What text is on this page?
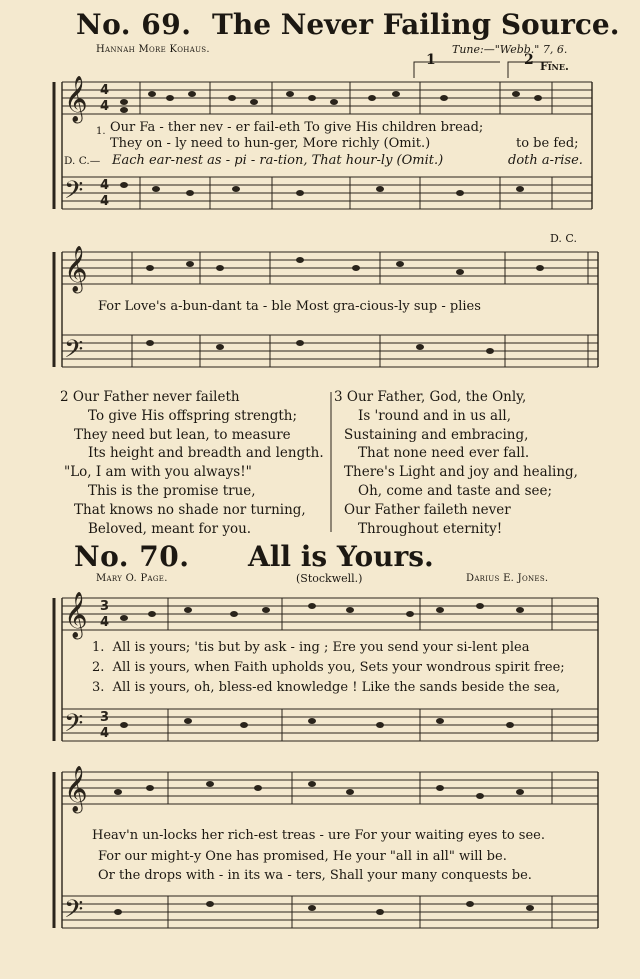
𝄞
𝄢
𝄞
𝄢
𝄞
𝄢
𝄞
𝄢
4
4
4
4
3
4
3
4
No. 69. The Never Failing Source.
Hannah More Kohaus.	Tune:—"Webb." 7, 6.
1	2 Fine.
D. C.
1. Our Fa - ther nev - er fail-eth To give His children bread;
They on - ly need to hun-ger, More richly (Omit.)	to be fed;
D. C.— Each ear-nest as - pi - ra-tion, That hour-ly (Omit.)	doth a-rise.
For Love's a-bun-dant ta - ble Most gra-cious-ly sup - plies
2 Our Father never faileth
To give His offspring strength;
They need but lean, to measure
Its height and breadth and length.
"Lo, I am with you always!"
This is the promise true,
That knows no shade nor turning,
Beloved, meant for you.
3 Our Father, God, the Only,
Is 'round and in us all,
Sustaining and embracing,
That none need ever fall.
There's Light and joy and healing,
Oh, come and taste and see;
Our Father faileth never
Throughout eternity!
No. 70. All is Yours.
Mary O. Page.	(Stockwell.)	Darius E. Jones.
1. All is yours; 'tis but by ask - ing ; Ere you send your si-lent plea
2. All is yours, when Faith upholds you, Sets your wondrous spirit free;
3. All is yours, oh, bless-ed knowledge ! Like the sands beside the sea,
Heav'n un-locks her rich-est treas - ure For your waiting eyes to see.
For our might-y One has promised, He your "all in all" will be.
Or the drops with - in its wa - ters, Shall your many conquests be.
